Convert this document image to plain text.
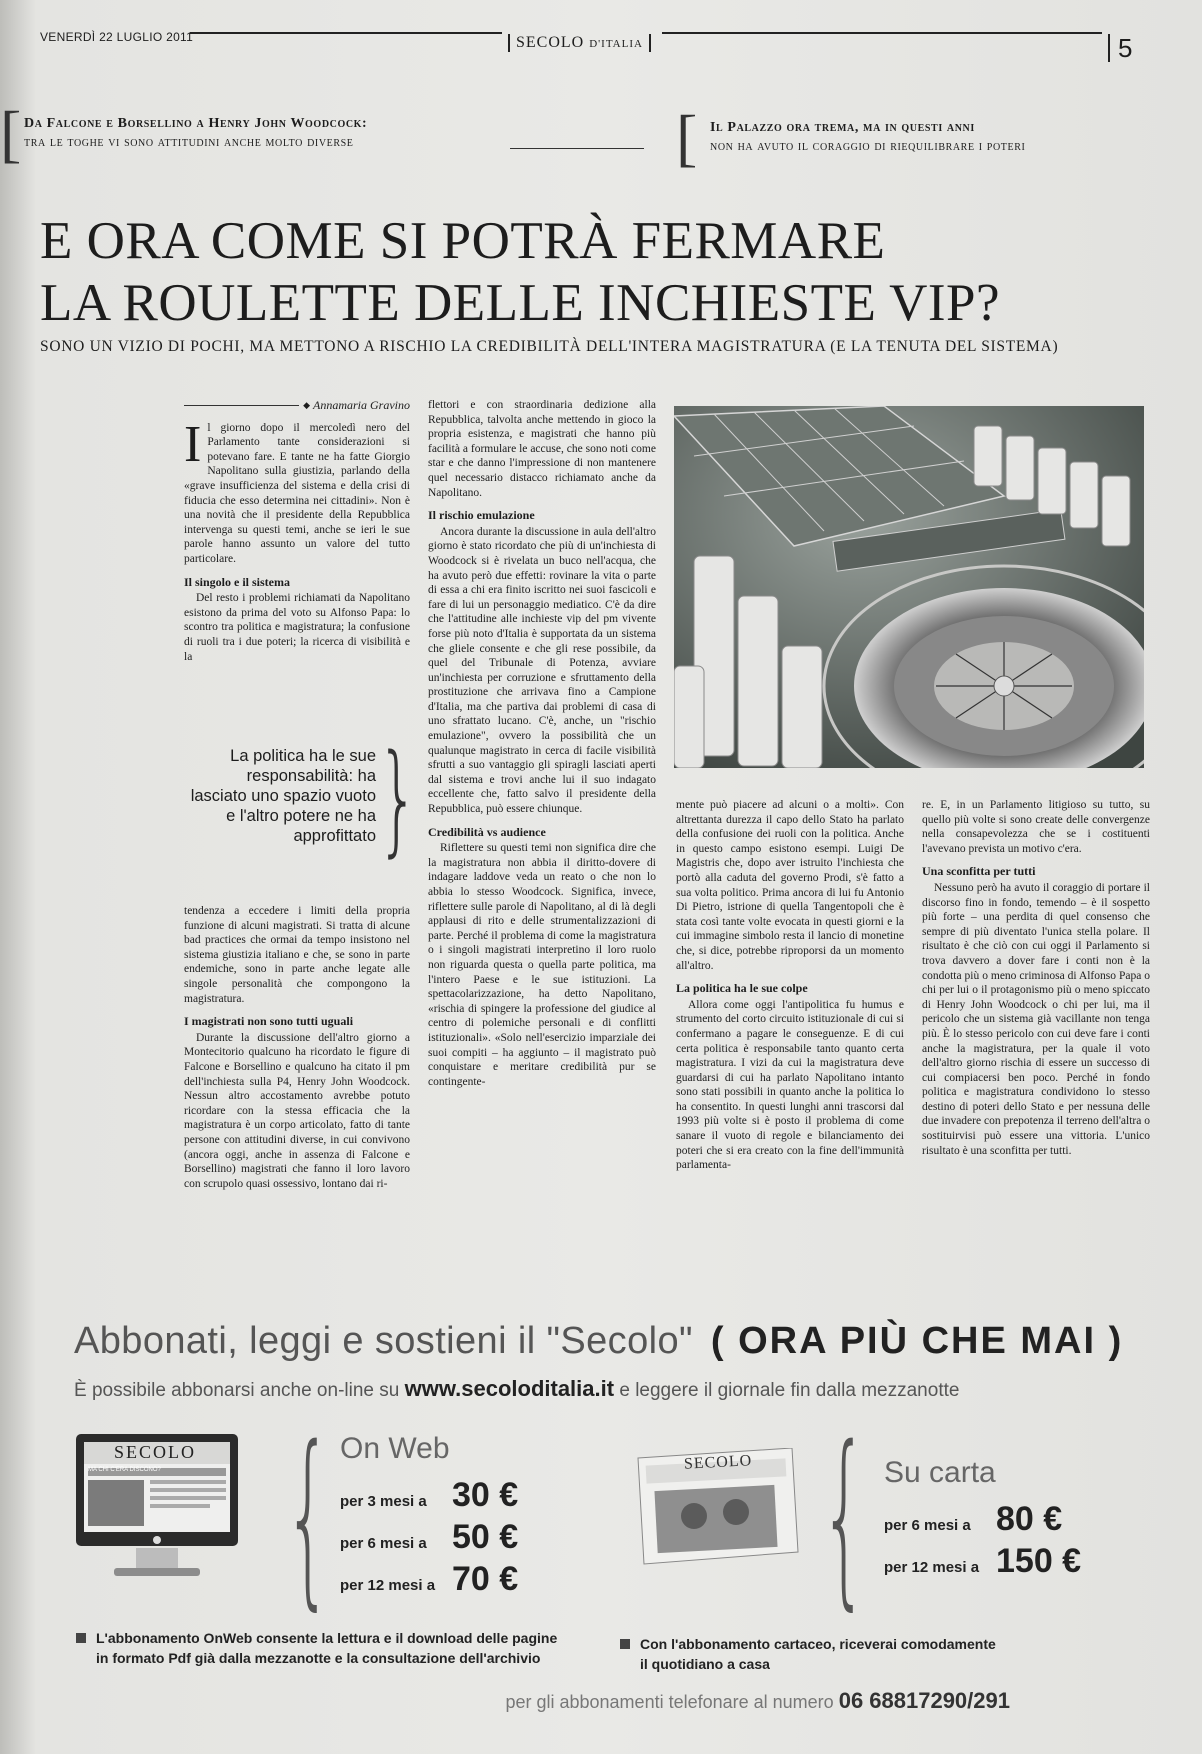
VENERDÌ 22 LUGLIO 2011	SECOLO D'ITALIA	5
[ Da Falcone e Borsellino a Henry John Woodcock:
tra le toghe vi sono attitudini anche molto diverse	[ Il Palazzo ora trema, ma in questi anni
non ha avuto il coraggio di riequilibrare i poteri
E ORA COME SI POTRÀ FERMARE
LA ROULETTE DELLE INCHIESTE VIP?
SONO UN VIZIO DI POCHI, MA METTONO A RISCHIO LA CREDIBILITÀ DELL'INTERA MAGISTRATURA (E LA TENUTA DEL SISTEMA)
◆ Annamaria Gravino

Il giorno dopo il mercoledì nero del Parlamento tante considerazioni si potevano fare. E tante ne ha fatte Giorgio Napolitano sulla giustizia, parlando della «grave insufficienza del sistema e della crisi di fiducia che esso determina nei cittadini». Non è una novità che il presidente della Repubblica intervenga su questi temi, anche se ieri le sue parole hanno assunto un valore del tutto particolare.

Il singolo e il sistema

Del resto i problemi richiamati da Napolitano esistono da prima del voto su Alfonso Papa: lo scontro tra politica e magistratura; la confusione di ruoli tra i due poteri; la ricerca di visibilità e la

La politica ha le sue responsabilità: ha lasciato uno spazio vuoto e l'altro potere ne ha approfittato }

tendenza a eccedere i limiti della propria funzione di alcuni magistrati. Si tratta di alcune bad practices che ormai da tempo insistono nel sistema giustizia italiano e che, se sono in parte endemiche, sono in parte anche legate alle singole personalità che compongono la magistratura.

I magistrati non sono tutti uguali

Durante la discussione dell'altro giorno a Montecitorio qualcuno ha ricordato le figure di Falcone e Borsellino e qualcuno ha citato il pm dell'inchiesta sulla P4, Henry John Woodcock. Nessun altro accostamento avrebbe potuto ricordare con la stessa efficacia che la magistratura è un corpo articolato, fatto di tante persone con attitudini diverse, in cui convivono (ancora oggi, anche in assenza di Falcone e Borsellino) magistrati che fanno il loro lavoro con scrupolo quasi ossessivo, lontano dai ri-

flettori e con straordinaria dedizione alla Repubblica, talvolta anche mettendo in gioco la propria esistenza, e magistrati che hanno più facilità a formulare le accuse, che sono noti come star e che danno l'impressione di non mantenere quel necessario distacco richiamato anche da Napolitano.

Il rischio emulazione

Ancora durante la discussione in aula dell'altro giorno è stato ricordato che più di un'inchiesta di Woodcock si è rivelata un buco nell'acqua, che ha avuto però due effetti: rovinare la vita o parte di essa a chi era finito iscritto nei suoi fascicoli e fare di lui un personaggio mediatico. C'è da dire che l'attitudine alle inchieste vip del pm vivente forse più noto d'Italia è supportata da un sistema che gliele consente e che gli rese possibile, da quel del Tribunale di Potenza, avviare un'inchiesta per corruzione e sfruttamento della prostituzione che arrivava fino a Campione d'Italia, ma che partiva dai problemi di casa di uno sfrattato lucano. C'è, anche, un "rischio emulazione", ovvero la possibilità che un qualunque magistrato in cerca di facile visibilità sfrutti a suo vantaggio gli spiragli lasciati aperti dal sistema e trovi anche lui il suo indagato eccellente che, fatto salvo il presidente della Repubblica, può essere chiunque.

Credibilità vs audience

Riflettere su questi temi non significa dire che la magistratura non abbia il diritto-dovere di indagare laddove veda un reato o che non lo abbia lo stesso Woodcock. Significa, invece, riflettere sulle parole di Napolitano, al di là degli applausi di rito e delle strumentalizzazioni di parte. Perché il problema di come la magistratura o i singoli magistrati interpretino il loro ruolo non riguarda questa o quella parte politica, ma l'intero Paese e le sue istituzioni. La spettacolarizzazione, ha detto Napolitano, «rischia di spingere la professione del giudice al centro di polemiche personali e di conflitti istituzionali». «Solo nell'esercizio imparziale dei suoi compiti – ha aggiunto – il magistrato può conquistare e meritare credibilità pur se contingente-

mente può piacere ad alcuni o a molti». Con altrettanta durezza il capo dello Stato ha parlato della confusione dei ruoli con la politica. Anche in questo campo esistono esempi. Luigi De Magistris che, dopo aver istruito l'inchiesta che portò alla caduta del governo Prodi, s'è fatto a sua volta politico. Prima ancora di lui fu Antonio Di Pietro, istrione di quella Tangentopoli che è stata così tante volte evocata in questi giorni e la cui immagine simbolo resta il lancio di monetine che, si dice, potrebbe riproporsi da un momento all'altro.

La politica ha le sue colpe

Allora come oggi l'antipolitica fu humus e strumento del corto circuito istituzionale di cui si confermano a pagare le conseguenze. E di cui certa politica è responsabile tanto quanto certa magistratura. I vizi da cui la magistratura deve guardarsi di cui ha parlato Napolitano intanto sono stati possibili in quanto anche la politica lo ha consentito. In questi lunghi anni trascorsi dal 1993 più volte si è posto il problema di come sanare il vuoto di regole e bilanciamento dei poteri che si era creato con la fine dell'immunità parlamenta-

re. E, in un Parlamento litigioso su tutto, su quello più volte si sono create delle convergenze nella consapevolezza che se i costituenti l'avevano prevista un motivo c'era.

Una sconfitta per tutti

Nessuno però ha avuto il coraggio di portare il discorso fino in fondo, temendo – è il sospetto più forte – una perdita di quel consenso che sempre di più diventato l'unica stella polare. Il risultato è che ciò con cui oggi il Parlamento si trova davvero a dover fare i conti non è la condotta più o meno criminosa di Alfonso Papa o chi per lui o il protagonismo più o meno spiccato di Henry John Woodcock o chi per lui, ma il pericolo che un sistema già vacillante non tenga più. È lo stesso pericolo con cui deve fare i conti anche la magistratura, per la quale il voto dell'altro giorno rischia di essere un successo di cui compiacersi ben poco. Perché in fondo politica e magistratura condividono lo stesso destino di poteri dello Stato e per nessuna delle due invadere con prepotenza il terreno dell'altra o sostituirvisi può essere una vittoria. L'unico risultato è una sconfitta per tutti.

Abbonati, leggi e sostieni il "Secolo" ( ORA PIÙ CHE MAI )
È possibile abbonarsi anche on-line su www.secoloditalia.it e leggere il giornale fin dalla mezzanotte
SECOLO
MA CHI C'ERA DISCONO? { On Web
per 3 mesi a 30 €
per 6 mesi a 50 €
per 12 mesi a 70 €
SECOLO { Su carta
per 6 mesi a 80 €
per 12 mesi a 150 €
L'abbonamento OnWeb consente la lettura e il download delle pagine
in formato Pdf già dalla mezzanotte e la consultazione dell'archivio
Con l'abbonamento cartaceo, riceverai comodamente
il quotidiano a casa
per gli abbonamenti telefonare al numero 06 68817290/291
